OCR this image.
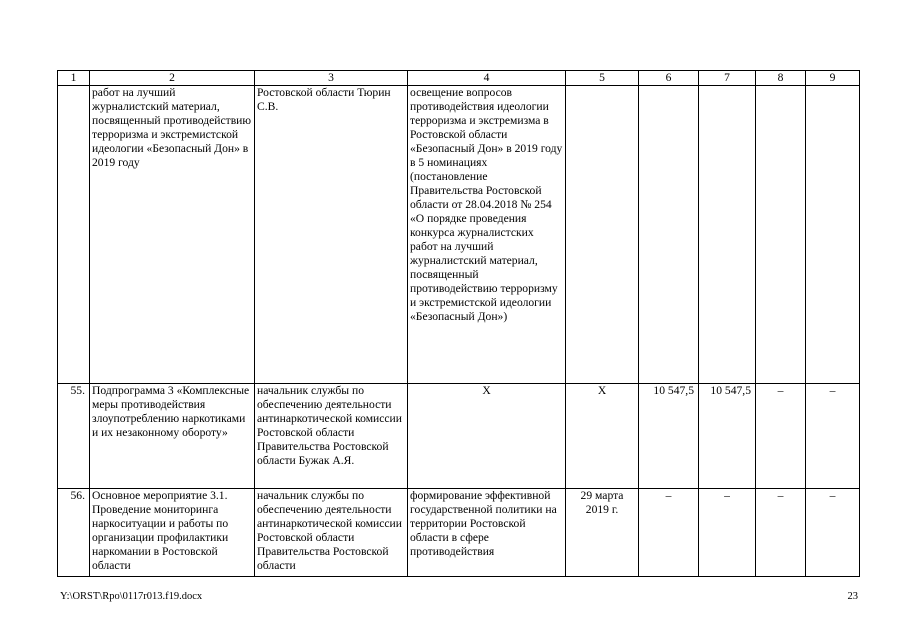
1	2	3	4	5	6	7	8	9
	работ на лучший журналистский материал, посвященный противодействию терроризма и экстремистской идеологии «Безопасный Дон» в 2019 году	Ростовской области Тюрин С.В.	освещение вопросов противодействия идеологии терроризма и экстремизма в Ростовской области «Безопасный Дон» в 2019 году в 5 номинациях (постановление Правительства Ростовской области от 28.04.2018 № 254 «О порядке проведения конкурса журналистских работ на лучший журналистский материал, посвященный противодействию терроризму и экстремистской идеологии «Безопасный Дон»)					
55.	Подпрограмма 3 «Комплексные меры противодействия злоупотреблению наркотиками и их незаконному обороту»	начальник службы по обеспечению деятельности антинаркотической комиссии Ростовской области Правительства Ростовской области Бужак А.Я.	Х	Х	10 547,5	10 547,5	–	–
56.	Основное мероприятие 3.1. Проведение мониторинга наркоситуации и работы по организации профилактики наркомании в Ростовской области	начальник службы по обеспечению деятельности антинаркотической комиссии Ростовской области Правительства Ростовской области	формирование эффективной государственной политики на территории Ростовской области в сфере противодействия	29 марта 2019 г.	–	–	–	–
Y:\ORST\Rpo\0117r013.f19.docx	23
